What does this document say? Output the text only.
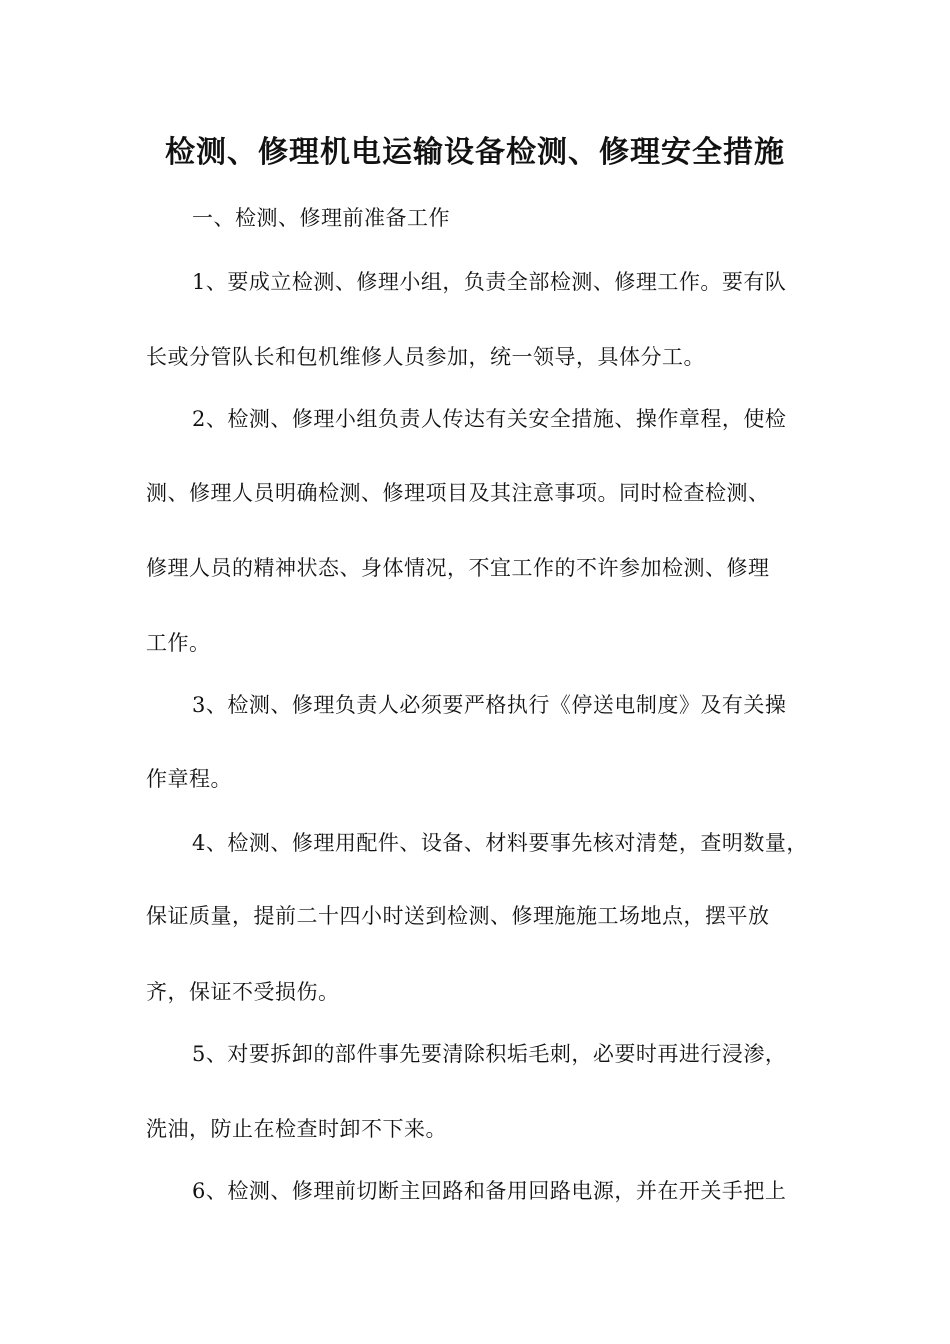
检测、修理机电运输设备检测、修理安全措施
一、检测、修理前准备工作
1、要成立检测、修理小组，负责全部检测、修理工作。要有队
长或分管队长和包机维修人员参加，统一领导，具体分工。
2、检测、修理小组负责人传达有关安全措施、操作章程，使检
测、修理人员明确检测、修理项目及其注意事项。同时检查检测、
修理人员的精神状态、身体情况，不宜工作的不许参加检测、修理
工作。
3、检测、修理负责人必须要严格执行《停送电制度》及有关操
作章程。
4、检测、修理用配件、设备、材料要事先核对清楚，查明数量，
保证质量，提前二十四小时送到检测、修理施施工场地点，摆平放
齐，保证不受损伤。
5、对要拆卸的部件事先要清除积垢毛刺，必要时再进行浸渗，
洗油，防止在检查时卸不下来。
6、检测、修理前切断主回路和备用回路电源，并在开关手把上
